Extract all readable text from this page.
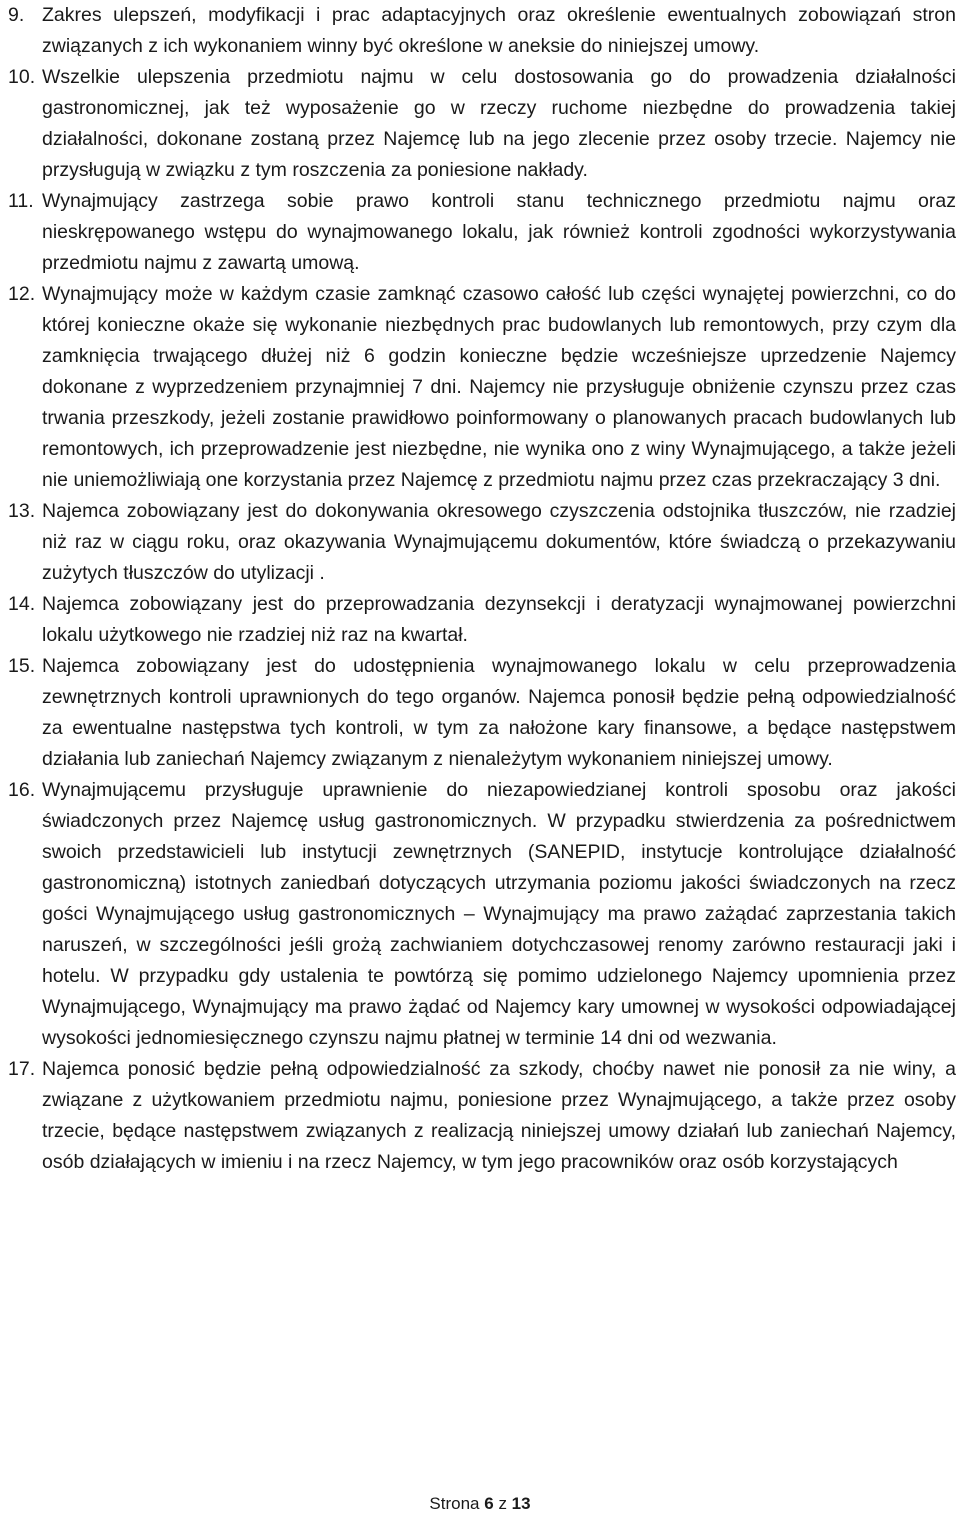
9. Zakres ulepszeń, modyfikacji i prac adaptacyjnych oraz określenie ewentualnych zobowiązań stron związanych z ich wykonaniem winny być określone w aneksie do niniejszej umowy.
10. Wszelkie ulepszenia przedmiotu najmu w celu dostosowania go do prowadzenia działalności gastronomicznej, jak też wyposażenie go w rzeczy ruchome niezbędne do prowadzenia takiej działalności, dokonane zostaną przez Najemcę lub na jego zlecenie przez osoby trzecie. Najemcy nie przysługują w związku z tym roszczenia za poniesione nakłady.
11. Wynajmujący zastrzega sobie prawo kontroli stanu technicznego przedmiotu najmu oraz nieskrępowanego wstępu do wynajmowanego lokalu, jak również kontroli zgodności wykorzystywania przedmiotu najmu z zawartą umową.
12. Wynajmujący może w każdym czasie zamknąć czasowo całość lub części wynajętej powierzchni, co do której konieczne okaże się wykonanie niezbędnych prac budowlanych lub remontowych, przy czym dla zamknięcia trwającego dłużej niż 6 godzin konieczne będzie wcześniejsze uprzedzenie Najemcy dokonane z wyprzedzeniem przynajmniej 7 dni. Najemcy nie przysługuje obniżenie czynszu przez czas trwania przeszkody, jeżeli zostanie prawidłowo poinformowany o planowanych pracach budowlanych lub remontowych, ich przeprowadzenie jest niezbędne, nie wynika ono z winy Wynajmującego, a także jeżeli nie uniemożliwiają one korzystania przez Najemcę z przedmiotu najmu przez czas przekraczający 3 dni.
13. Najemca zobowiązany jest do dokonywania okresowego czyszczenia odstojnika tłuszczów, nie rzadziej niż raz w ciągu roku, oraz okazywania Wynajmującemu dokumentów, które świadczą o przekazywaniu zużytych tłuszczów do utylizacji .
14. Najemca zobowiązany jest do przeprowadzania dezynsekcji i deratyzacji wynajmowanej powierzchni lokalu użytkowego nie rzadziej niż raz na kwartał.
15. Najemca zobowiązany jest do udostępnienia wynajmowanego lokalu w celu przeprowadzenia zewnętrznych kontroli uprawnionych do tego organów. Najemca ponosił będzie pełną odpowiedzialność za ewentualne następstwa tych kontroli, w tym za nałożone kary finansowe, a będące następstwem działania lub zaniechań Najemcy związanym z nienależytym wykonaniem niniejszej umowy.
16. Wynajmującemu przysługuje uprawnienie do niezapowiedzianej kontroli sposobu oraz jakości świadczonych przez Najemcę usług gastronomicznych. W przypadku stwierdzenia za pośrednictwem swoich przedstawicieli lub instytucji zewnętrznych (SANEPID, instytucje kontrolujące działalność gastronomiczną) istotnych zaniedbań dotyczących utrzymania poziomu jakości świadczonych na rzecz gości Wynajmującego usług gastronomicznych – Wynajmujący ma prawo zażądać zaprzestania takich naruszeń, w szczególności jeśli grożą zachwianiem dotychczasowej renomy zarówno restauracji jaki i hotelu. W przypadku gdy ustalenia te powtórzą się pomimo udzielonego Najemcy upomnienia przez Wynajmującego, Wynajmujący ma prawo żądać od Najemcy kary umownej w wysokości odpowiadającej wysokości jednomiesięcznego czynszu najmu płatnej w terminie 14 dni od wezwania.
17. Najemca ponosić będzie pełną odpowiedzialność za szkody, choćby nawet nie ponosił za nie winy, a związane z użytkowaniem przedmiotu najmu, poniesione przez Wynajmującego, a także przez osoby trzecie, będące następstwem związanych z realizacją niniejszej umowy działań lub zaniechań Najemcy, osób działających w imieniu i na rzecz Najemcy, w tym jego pracowników oraz osób korzystających
Strona 6 z 13
